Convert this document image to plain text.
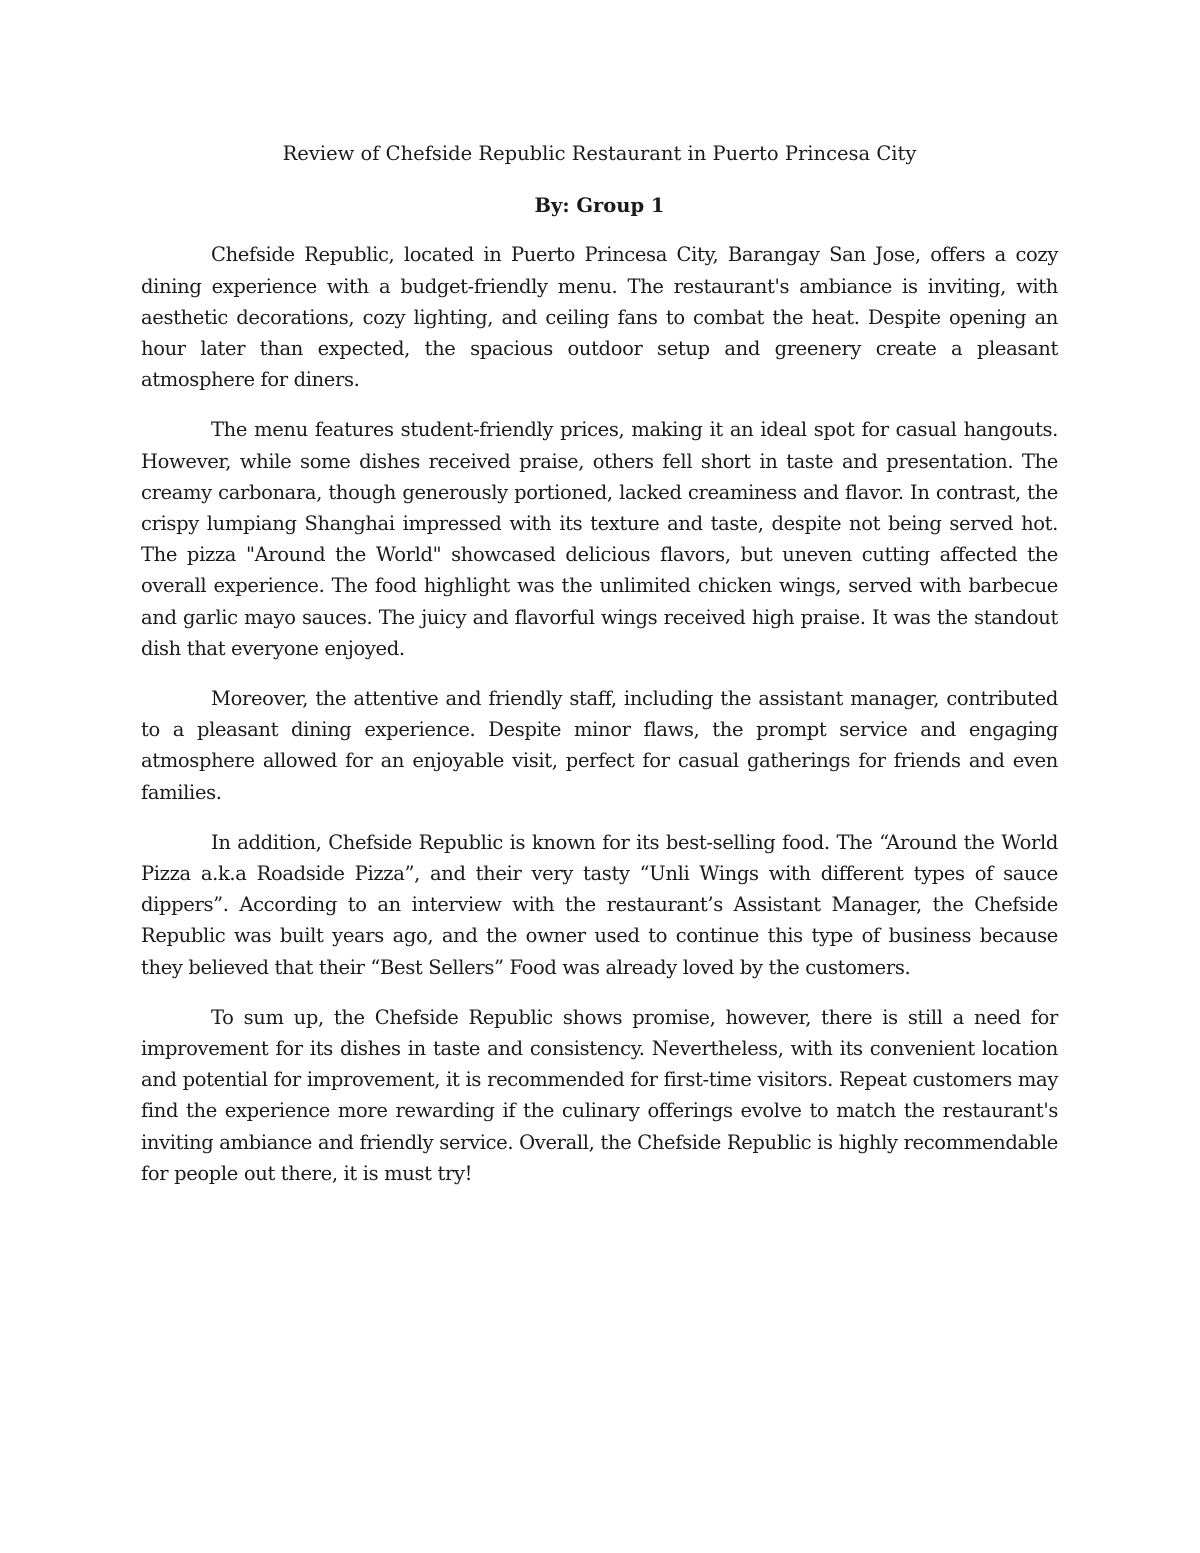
Review of Chefside Republic Restaurant in Puerto Princesa City

By: Group 1

Chefside Republic, located in Puerto Princesa City, Barangay San Jose, offers a cozy dining experience with a budget-friendly menu. The restaurant's ambiance is inviting, with aesthetic decorations, cozy lighting, and ceiling fans to combat the heat. Despite opening an hour later than expected, the spacious outdoor setup and greenery create a pleasant atmosphere for diners.

The menu features student-friendly prices, making it an ideal spot for casual hangouts. However, while some dishes received praise, others fell short in taste and presentation. The creamy carbonara, though generously portioned, lacked creaminess and flavor. In contrast, the crispy lumpiang Shanghai impressed with its texture and taste, despite not being served hot. The pizza "Around the World" showcased delicious flavors, but uneven cutting affected the overall experience. The food highlight was the unlimited chicken wings, served with barbecue and garlic mayo sauces. The juicy and flavorful wings received high praise. It was the standout dish that everyone enjoyed.

Moreover, the attentive and friendly staff, including the assistant manager, contributed to a pleasant dining experience. Despite minor flaws, the prompt service and engaging atmosphere allowed for an enjoyable visit, perfect for casual gatherings for friends and even families.

In addition, Chefside Republic is known for its best-selling food. The “Around the World Pizza a.k.a Roadside Pizza”, and their very tasty “Unli Wings with different types of sauce dippers”. According to an interview with the restaurant’s Assistant Manager, the Chefside Republic was built years ago, and the owner used to continue this type of business because they believed that their “Best Sellers” Food was already loved by the customers.

To sum up, the Chefside Republic shows promise, however, there is still a need for improvement for its dishes in taste and consistency. Nevertheless, with its convenient location and potential for improvement, it is recommended for first-time visitors. Repeat customers may find the experience more rewarding if the culinary offerings evolve to match the restaurant's inviting ambiance and friendly service. Overall, the Chefside Republic is highly recommendable for people out there, it is must try!
